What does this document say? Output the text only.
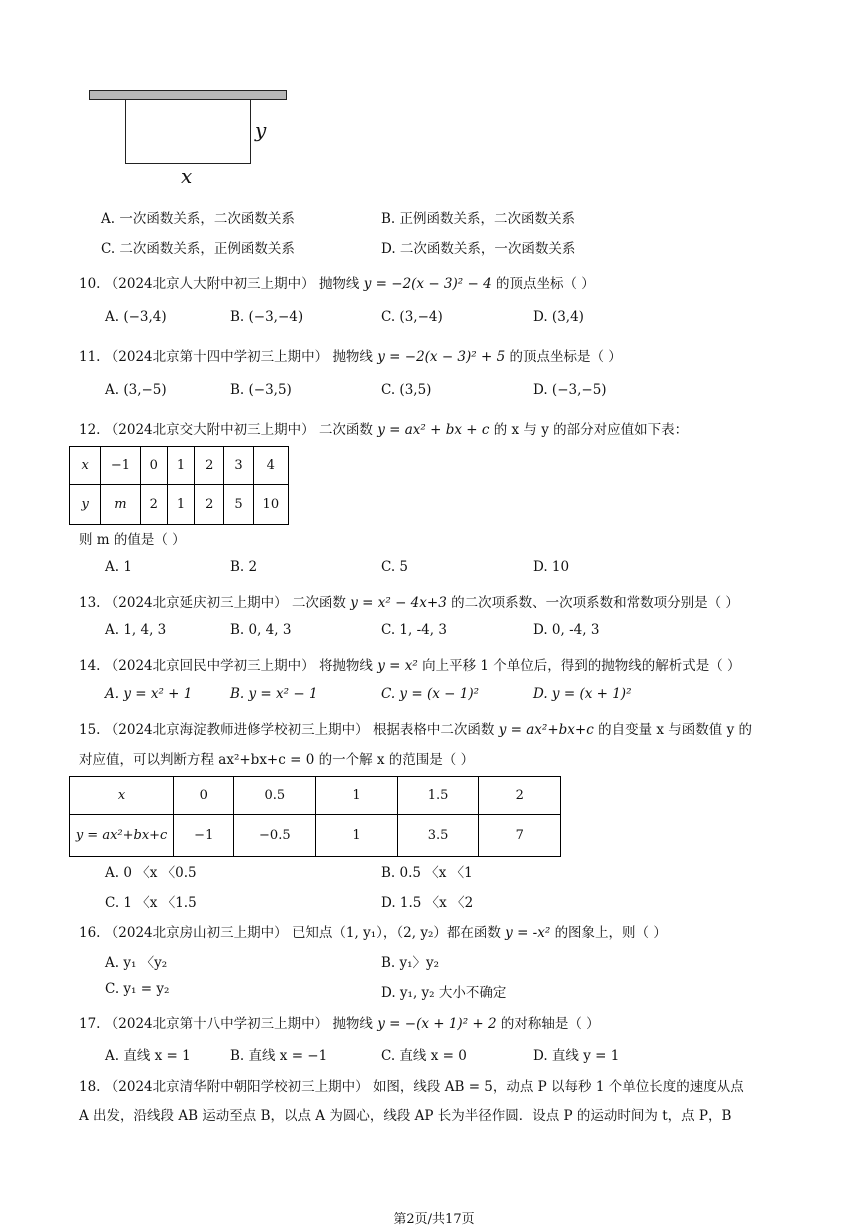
y
x
A. 一次函数关系，二次函数关系	B. 正例函数关系，二次函数关系
C. 二次函数关系，正例函数关系	D. 二次函数关系，一次函数关系
10. （2024北京人大附中初三上期中） 抛物线 y = −2(x − 3)² − 4 的顶点坐标（ ）
A. (−3,4)	B. (−3,−4)	C. (3,−4)	D. (3,4)
11. （2024北京第十四中学初三上期中） 抛物线 y = −2(x − 3)² + 5 的顶点坐标是（ ）
A. (3,−5)	B. (−3,5)	C. (3,5)	D. (−3,−5)
12. （2024北京交大附中初三上期中） 二次函数 y = ax² + bx + c 的 x 与 y 的部分对应值如下表：
x	−1	0	1	2	3	4
y	m	2	1	2	5	10
则 m 的值是（ ）
A. 1	B. 2	C. 5	D. 10
13. （2024北京延庆初三上期中） 二次函数 y = x² − 4x+3 的二次项系数、一次项系数和常数项分别是（ ）
A. 1, 4, 3	B. 0, 4, 3	C. 1, -4, 3	D. 0, -4, 3
14. （2024北京回民中学初三上期中） 将抛物线 y = x² 向上平移 1 个单位后，得到的抛物线的解析式是（ ）
A. y = x² + 1	B. y = x² − 1	C. y = (x − 1)²	D. y = (x + 1)²
15. （2024北京海淀教师进修学校初三上期中） 根据表格中二次函数 y = ax²+bx+c 的自变量 x 与函数值 y 的
对应值，可以判断方程 ax²+bx+c = 0 的一个解 x 的范围是（ ）
x	0	0.5	1	1.5	2
y = ax²+bx+c	−1	−0.5	1	3.5	7
A. 0 〈x 〈0.5	B. 0.5 〈x 〈1
C. 1 〈x 〈1.5	D. 1.5 〈x 〈2
16. （2024北京房山初三上期中） 已知点（1, y₁），（2, y₂）都在函数 y = -x² 的图象上，则（ ）
A. y₁ 〈y₂	B. y₁〉y₂
C. y₁ = y₂	D. y₁, y₂ 大小不确定
17. （2024北京第十八中学初三上期中） 抛物线 y = −(x + 1)² + 2 的对称轴是（ ）
A. 直线 x = 1	B. 直线 x = −1	C. 直线 x = 0	D. 直线 y = 1
18. （2024北京清华附中朝阳学校初三上期中） 如图，线段 AB = 5，动点 P 以每秒 1 个单位长度的速度从点
A 出发，沿线段 AB 运动至点 B，以点 A 为圆心，线段 AP 长为半径作圆．设点 P 的运动时间为 t，点 P，B
第2页/共17页
